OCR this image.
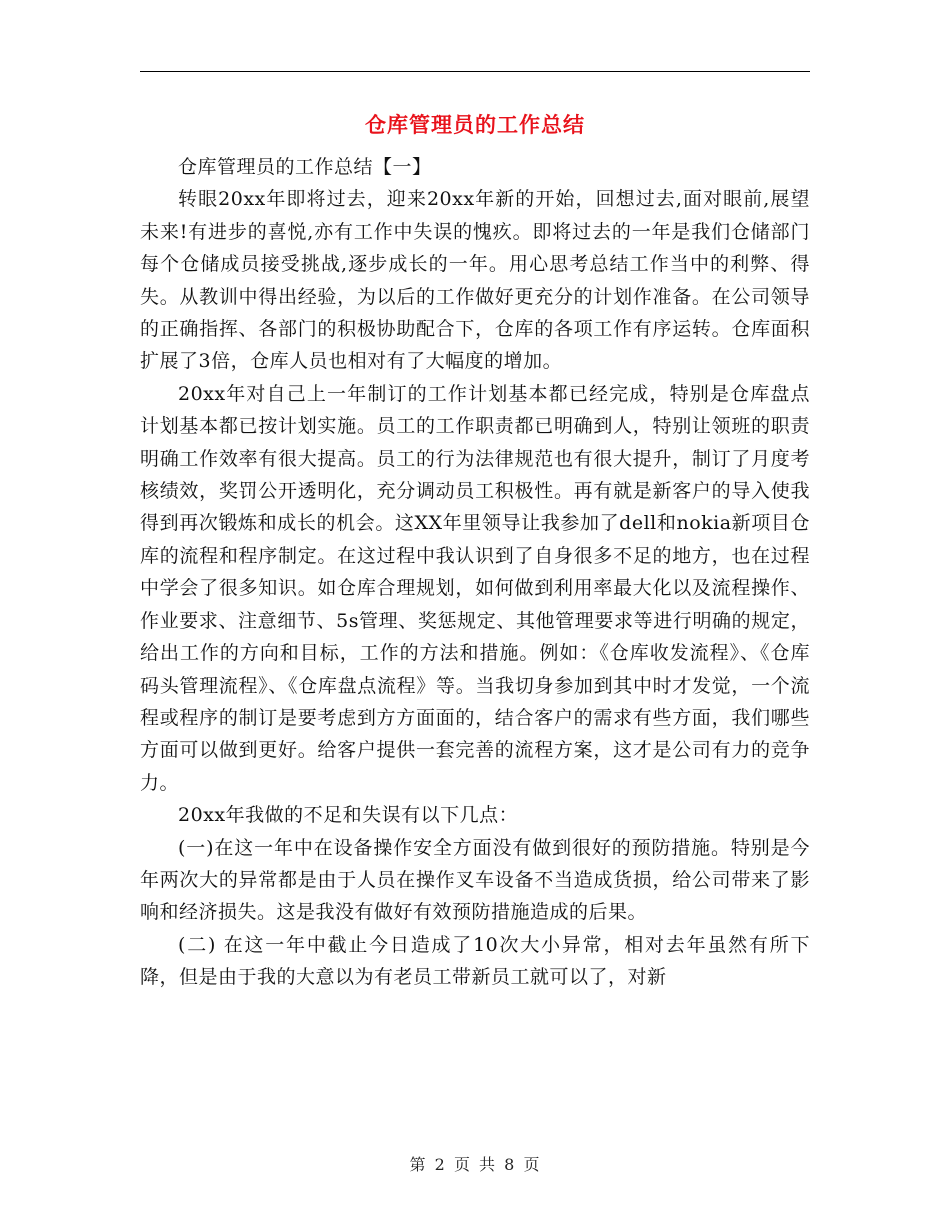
仓库管理员的工作总结

仓库管理员的工作总结【一】

转眼20xx年即将过去，迎来20xx年新的开始，回想过去,面对眼前,展望未来!有进步的喜悦,亦有工作中失误的愧疚。即将过去的一年是我们仓储部门每个仓储成员接受挑战,逐步成长的一年。用心思考总结工作当中的利弊、得失。从教训中得出经验，为以后的工作做好更充分的计划作准备。在公司领导的正确指挥、各部门的积极协助配合下，仓库的各项工作有序运转。仓库面积扩展了3倍，仓库人员也相对有了大幅度的增加。

20xx年对自己上一年制订的工作计划基本都已经完成，特别是仓库盘点计划基本都已按计划实施。员工的工作职责都已明确到人，特别让领班的职责明确工作效率有很大提高。员工的行为法律规范也有很大提升，制订了月度考核绩效，奖罚公开透明化，充分调动员工积极性。再有就是新客户的导入使我得到再次锻炼和成长的机会。这XX年里领导让我参加了dell和nokia新项目仓库的流程和程序制定。在这过程中我认识到了自身很多不足的地方，也在过程中学会了很多知识。如仓库合理规划，如何做到利用率最大化以及流程操作、作业要求、注意细节、5s管理、奖惩规定、其他管理要求等进行明确的规定，给出工作的方向和目标，工作的方法和措施。例如：《仓库收发流程》、《仓库码头管理流程》、《仓库盘点流程》等。当我切身参加到其中时才发觉，一个流程或程序的制订是要考虑到方方面面的，结合客户的需求有些方面，我们哪些方面可以做到更好。给客户提供一套完善的流程方案，这才是公司有力的竞争力。

20xx年我做的不足和失误有以下几点：

(一)在这一年中在设备操作安全方面没有做到很好的预防措施。特别是今年两次大的异常都是由于人员在操作叉车设备不当造成货损，给公司带来了影响和经济损失。这是我没有做好有效预防措施造成的后果。

(二) 在这一年中截止今日造成了10次大小异常，相对去年虽然有所下降，但是由于我的大意以为有老员工带新员工就可以了，对新

第 2 页 共 8 页
